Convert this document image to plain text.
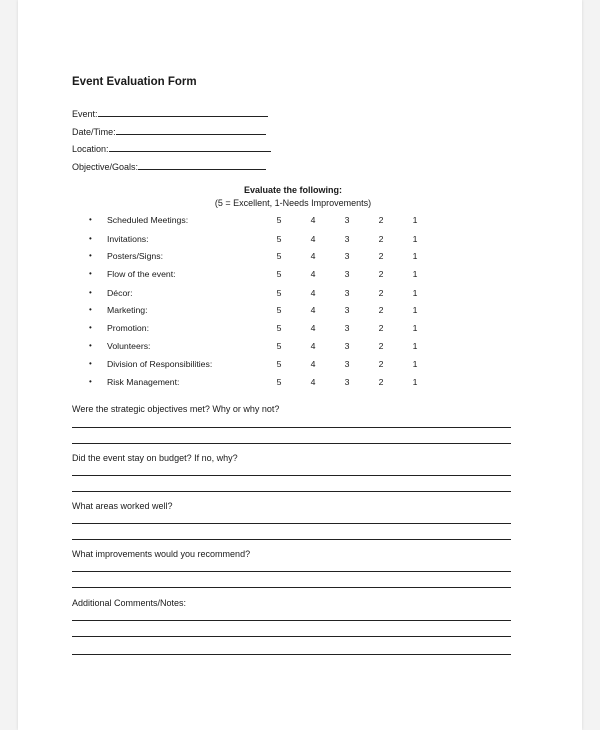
Event Evaluation Form
Event:
Date/Time:
Location:
Objective/Goals:
Evaluate the following:
(5 = Excellent, 1-Needs Improvements)
• Scheduled Meetings:	5	4	3	2	1
• Invitations:	5	4	3	2	1
• Posters/Signs:	5	4	3	2	1
• Flow of the event:	5	4	3	2	1
• Décor:	5	4	3	2	1
• Marketing:	5	4	3	2	1
• Promotion:	5	4	3	2	1
• Volunteers:	5	4	3	2	1
• Division of Responsibilities:	5	4	3	2	1
• Risk Management:	5	4	3	2	1
Were the strategic objectives met? Why or why not?
Did the event stay on budget? If no, why?
What areas worked well?
What improvements would you recommend?
Additional Comments/Notes:
